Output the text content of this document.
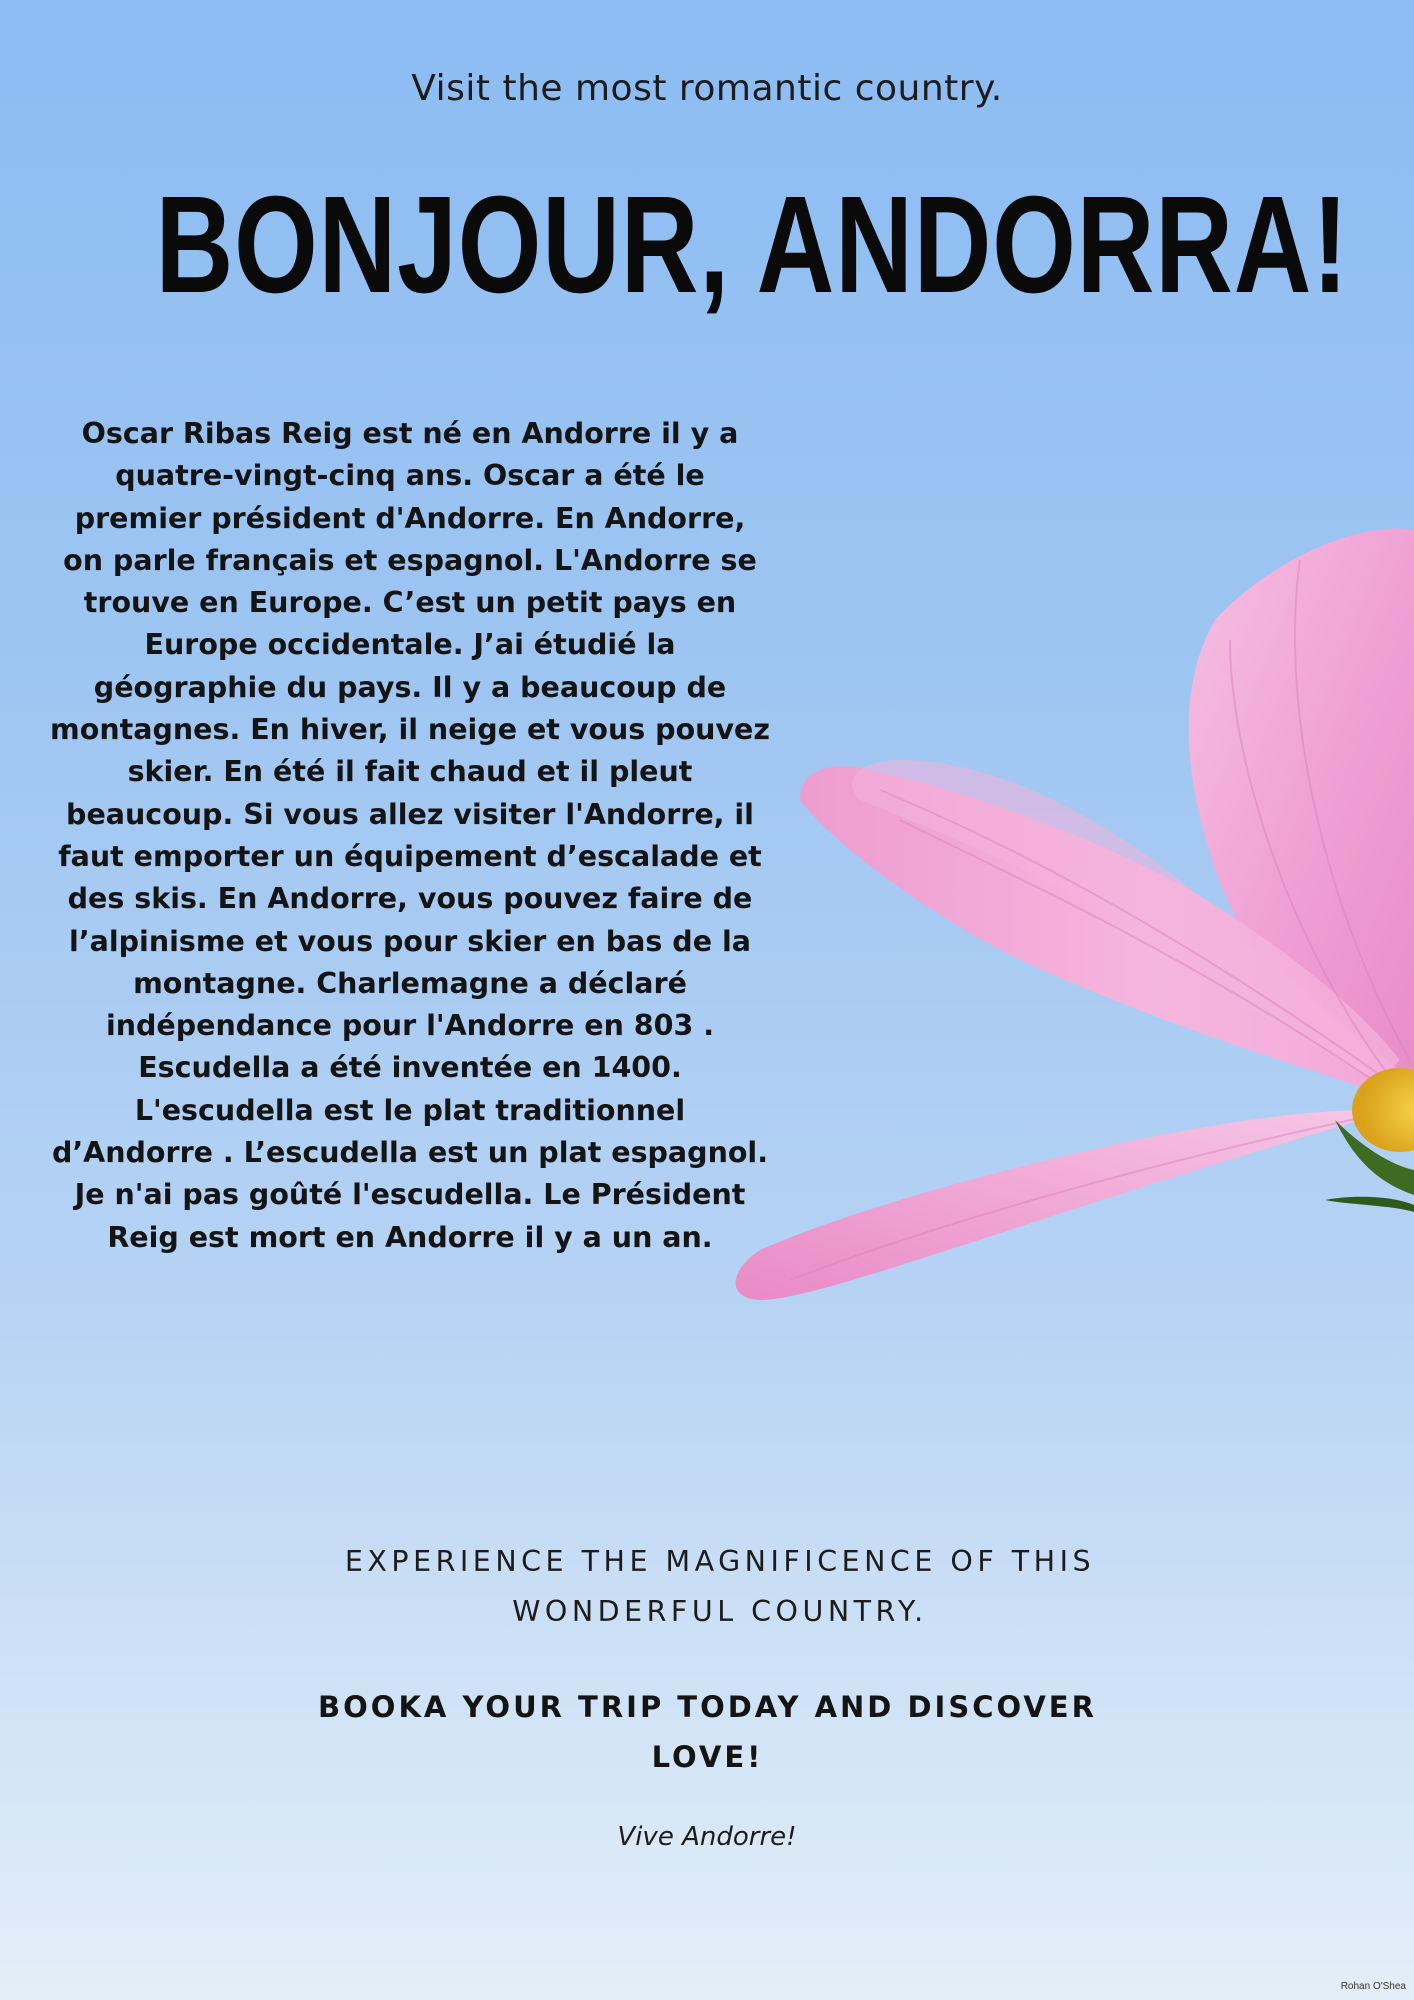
Visit the most romantic country.
BONJOUR, ANDORRA!
Oscar Ribas Reig est né en Andorre il y a quatre-vingt-cinq ans. Oscar a été le premier président d'Andorre. En Andorre, on parle français et espagnol. L'Andorre se trouve en Europe. C’est un petit pays en Europe occidentale. J’ai étudié la géographie du pays. Il y a beaucoup de montagnes. En hiver, il neige et vous pouvez skier. En été il fait chaud et il pleut beaucoup. Si vous allez visiter l'Andorre, il faut emporter un équipement d’escalade et des skis. En Andorre, vous pouvez faire de l’alpinisme et vous pour skier en bas de la montagne. Charlemagne a déclaré indépendance pour l'Andorre en 803 . Escudella a été inventée en 1400. L'escudella est le plat traditionnel d’Andorre . L’escudella est un plat espagnol. Je n'ai pas goûté l'escudella. Le Président Reig est mort en Andorre il y a un an.
EXPERIENCE THE MAGNIFICENCE OF THIS WONDERFUL COUNTRY.
BOOKA YOUR TRIP TODAY AND DISCOVER LOVE!
Vive Andorre!
Rohan O'Shea
